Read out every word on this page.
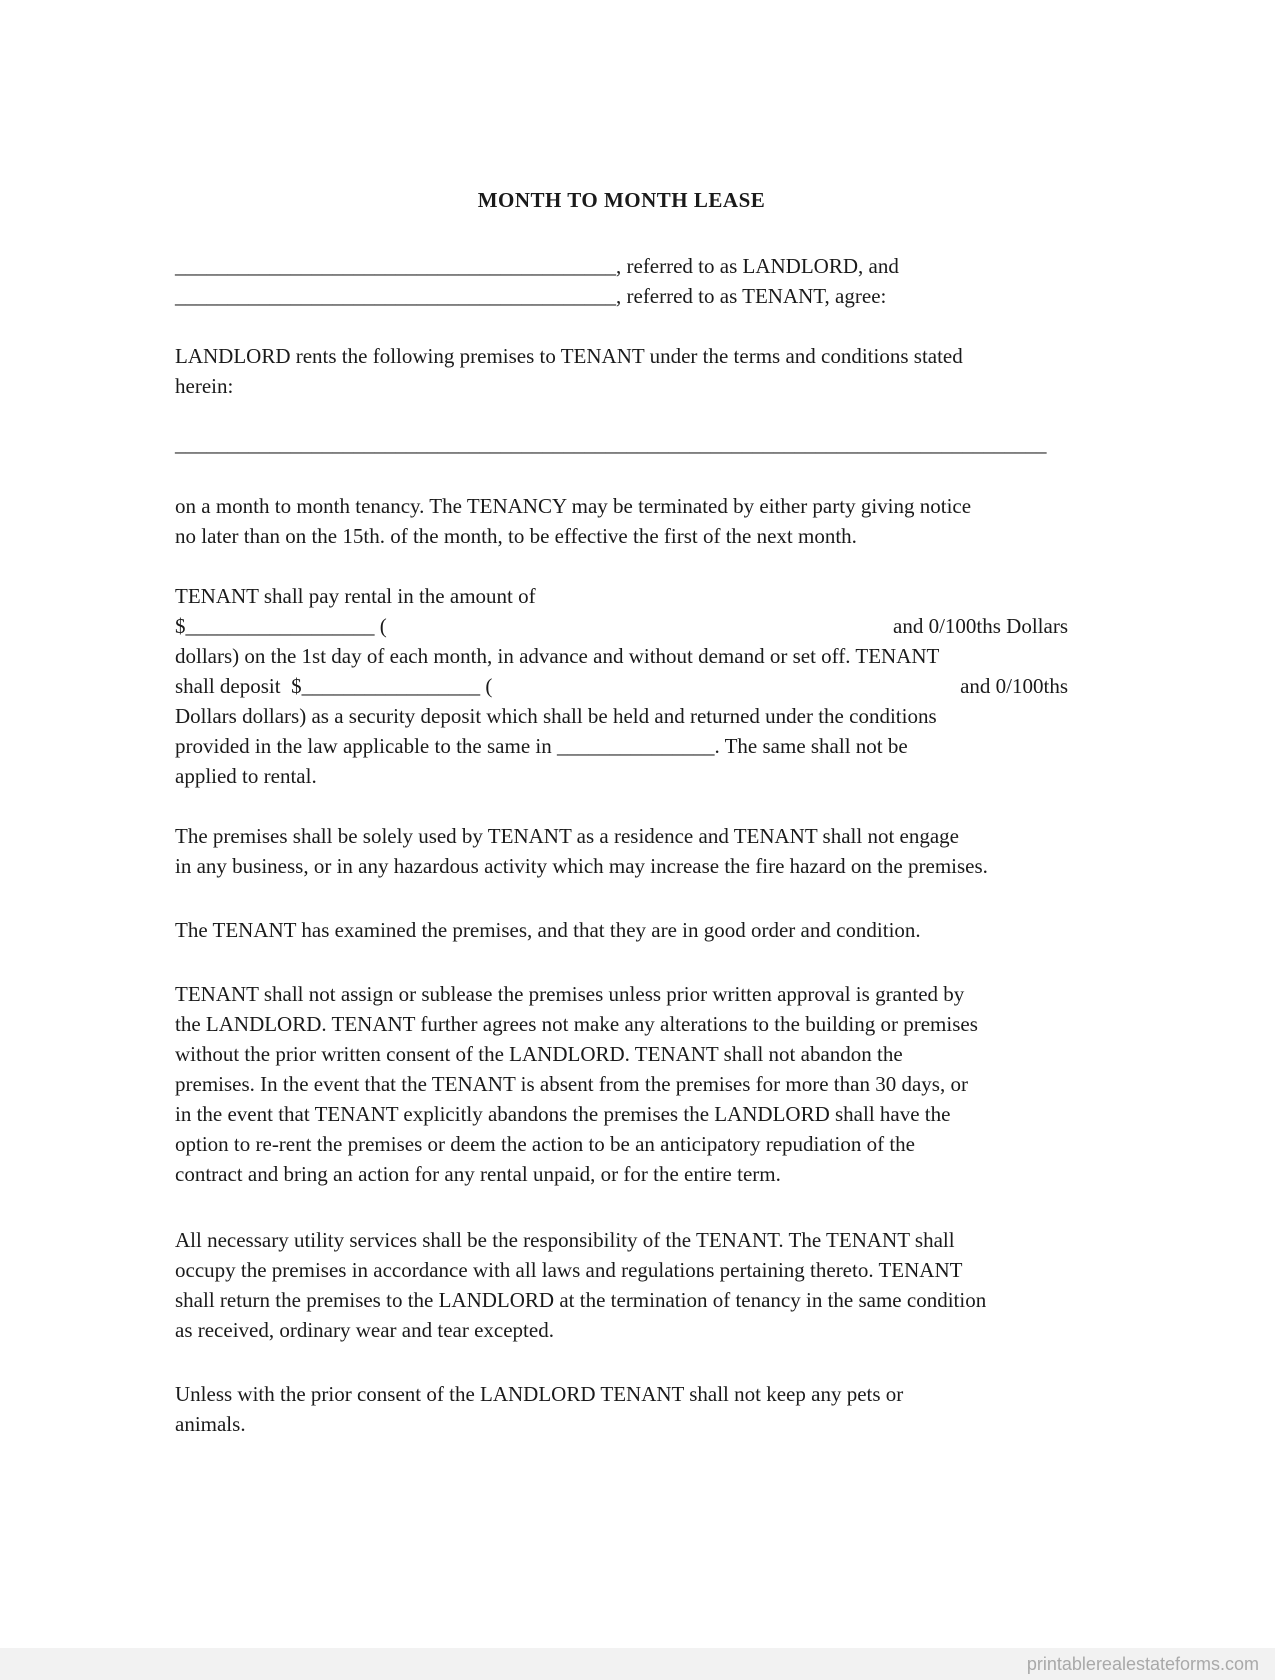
MONTH TO MONTH LEASE
__________________________________________, referred to as LANDLORD, and
__________________________________________, referred to as TENANT, agree:
LANDLORD rents the following premises to TENANT under the terms and conditions stated
herein:
___________________________________________________________________________________
on a month to month tenancy. The TENANCY may be terminated by either party giving notice
no later than on the 15th. of the month, to be effective the first of the next month.
TENANT shall pay rental in the amount of
$__________________ (	and 0/100ths Dollars
dollars) on the 1st day of each month, in advance and without demand or set off. TENANT
shall deposit  $_________________ (	and 0/100ths
Dollars dollars) as a security deposit which shall be held and returned under the conditions
provided in the law applicable to the same in _______________. The same shall not be
applied to rental.
The premises shall be solely used by TENANT as a residence and TENANT shall not engage
in any business, or in any hazardous activity which may increase the fire hazard on the premises.
The TENANT has examined the premises, and that they are in good order and condition.
TENANT shall not assign or sublease the premises unless prior written approval is granted by
the LANDLORD. TENANT further agrees not make any alterations to the building or premises
without the prior written consent of the LANDLORD. TENANT shall not abandon the
premises. In the event that the TENANT is absent from the premises for more than 30 days, or
in the event that TENANT explicitly abandons the premises the LANDLORD shall have the
option to re-rent the premises or deem the action to be an anticipatory repudiation of the
contract and bring an action for any rental unpaid, or for the entire term.
All necessary utility services shall be the responsibility of the TENANT. The TENANT shall
occupy the premises in accordance with all laws and regulations pertaining thereto. TENANT
shall return the premises to the LANDLORD at the termination of tenancy in the same condition
as received, ordinary wear and tear excepted.
Unless with the prior consent of the LANDLORD TENANT shall not keep any pets or
animals.
printablerealestateforms.com
